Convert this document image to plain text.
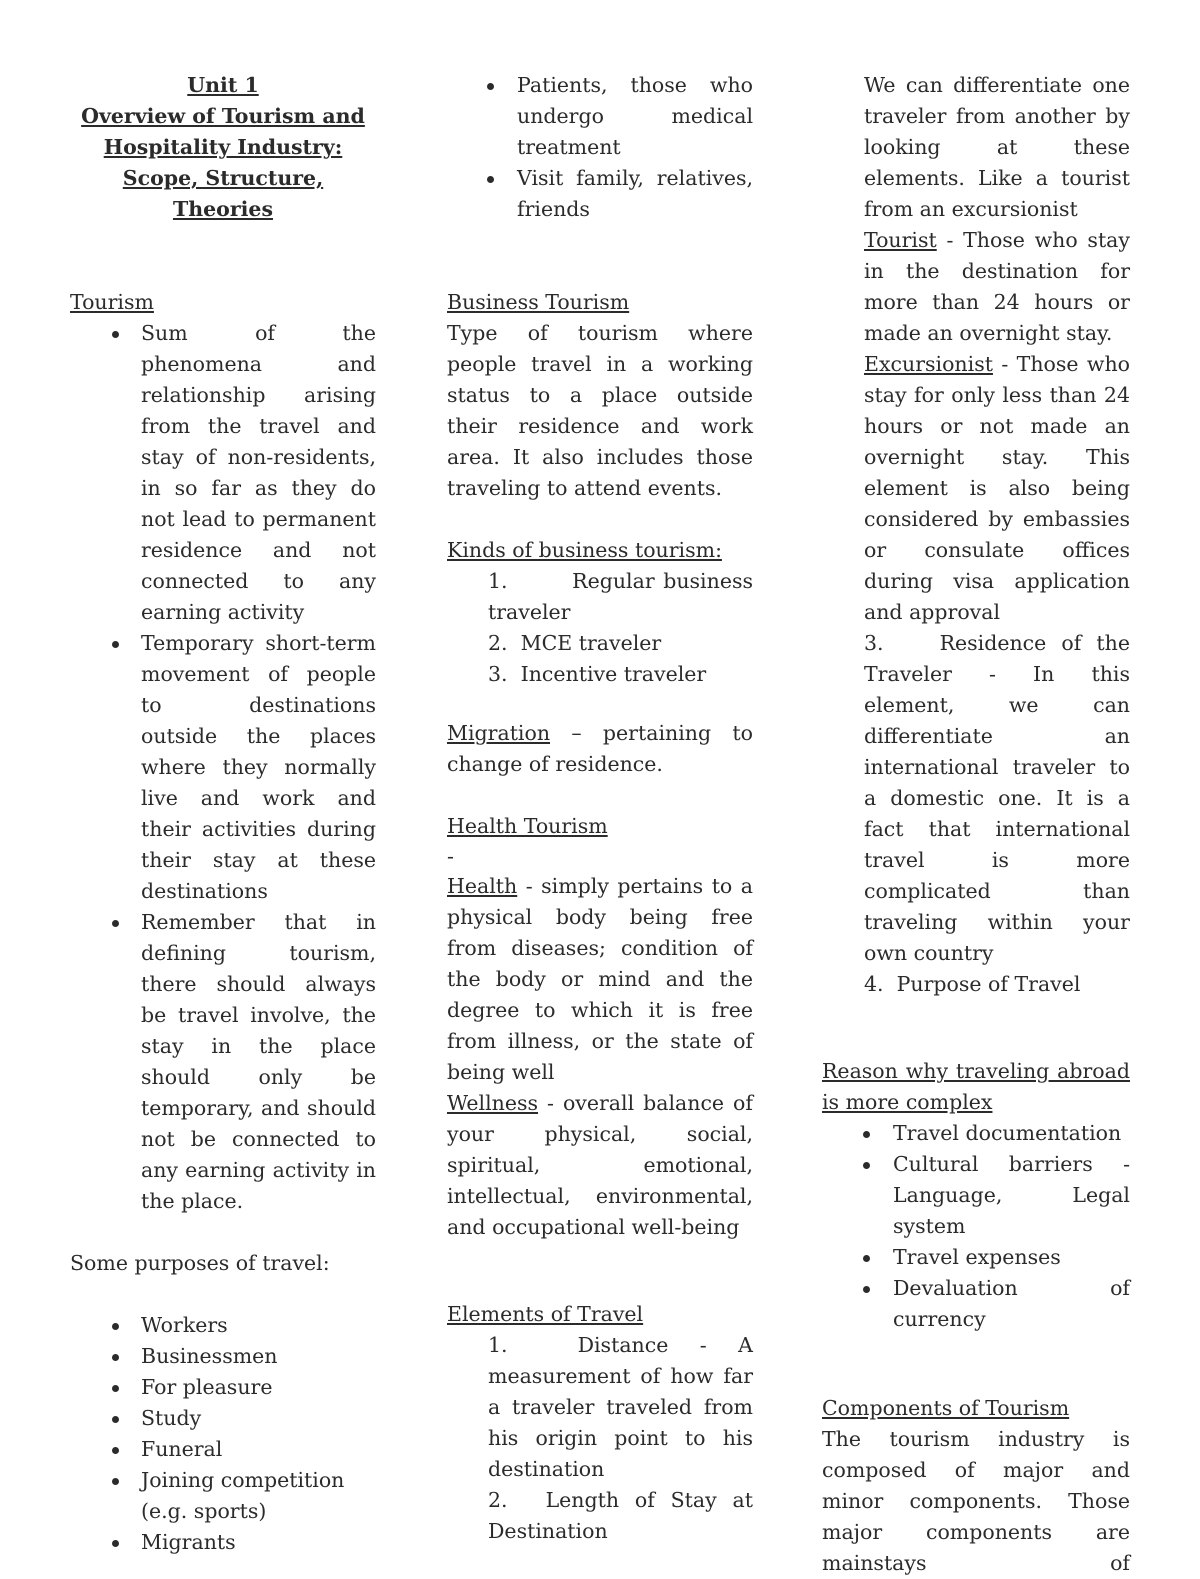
Unit 1

Overview of Tourism and

Hospitality Industry:

Scope, Structure, Theories

Tourism

Sum of the phenomena and relationship arising from the travel and stay of non-residents, in so far as they do not lead to permanent residence and not connected to any earning activity
Temporary short-term movement of people to destinations outside the places where they normally live and work and their activities during their stay at these destinations
Remember that in defining tourism, there should always be travel involve, the stay in the place should only be temporary, and should not be connected to any earning activity in the place.

Some purposes of travel:

Workers
Businessmen
For pleasure
Study
Funeral
Joining competition (e.g. sports)
Migrants
Patients, those who undergo medical treatment
Visit family, relatives, friends

Business Tourism

Type of tourism where people travel in a working status to a place outside their residence and work area. It also includes those traveling to attend events.

Kinds of business tourism:

1.	Regular business traveler

2. MCE traveler

3. Incentive traveler

Migration – pertaining to change of residence.

Health Tourism

-

Health - simply pertains to a physical body being free from diseases; condition of the body or mind and the degree to which it is free from illness, or the state of being well

Wellness - overall balance of your physical, social, spiritual, emotional, intellectual, environmental, and occupational well-being

Elements of Travel

1.	Distance - A measurement of how far a traveler traveled from his origin point to his destination

2. Length of Stay at Destination

We can differentiate one traveler from another by looking at these elements. Like a tourist from an excursionist

Tourist - Those who stay in the destination for more than 24 hours or made an overnight stay.

Excursionist - Those who stay for only less than 24 hours or not made an overnight stay. This element is also being considered by embassies or consulate offices during visa application and approval

3.	Residence of the Traveler - In this element, we can differentiate an international traveler to a domestic one. It is a fact that international travel is more complicated than traveling within your own country

4. Purpose of Travel

Reason why traveling abroad is more complex

Travel documentation
Cultural barriers - Language, Legal system
Travel expenses
Devaluation of currency

Components of Tourism

The tourism industry is composed of major and minor components. Those major components are mainstays of
